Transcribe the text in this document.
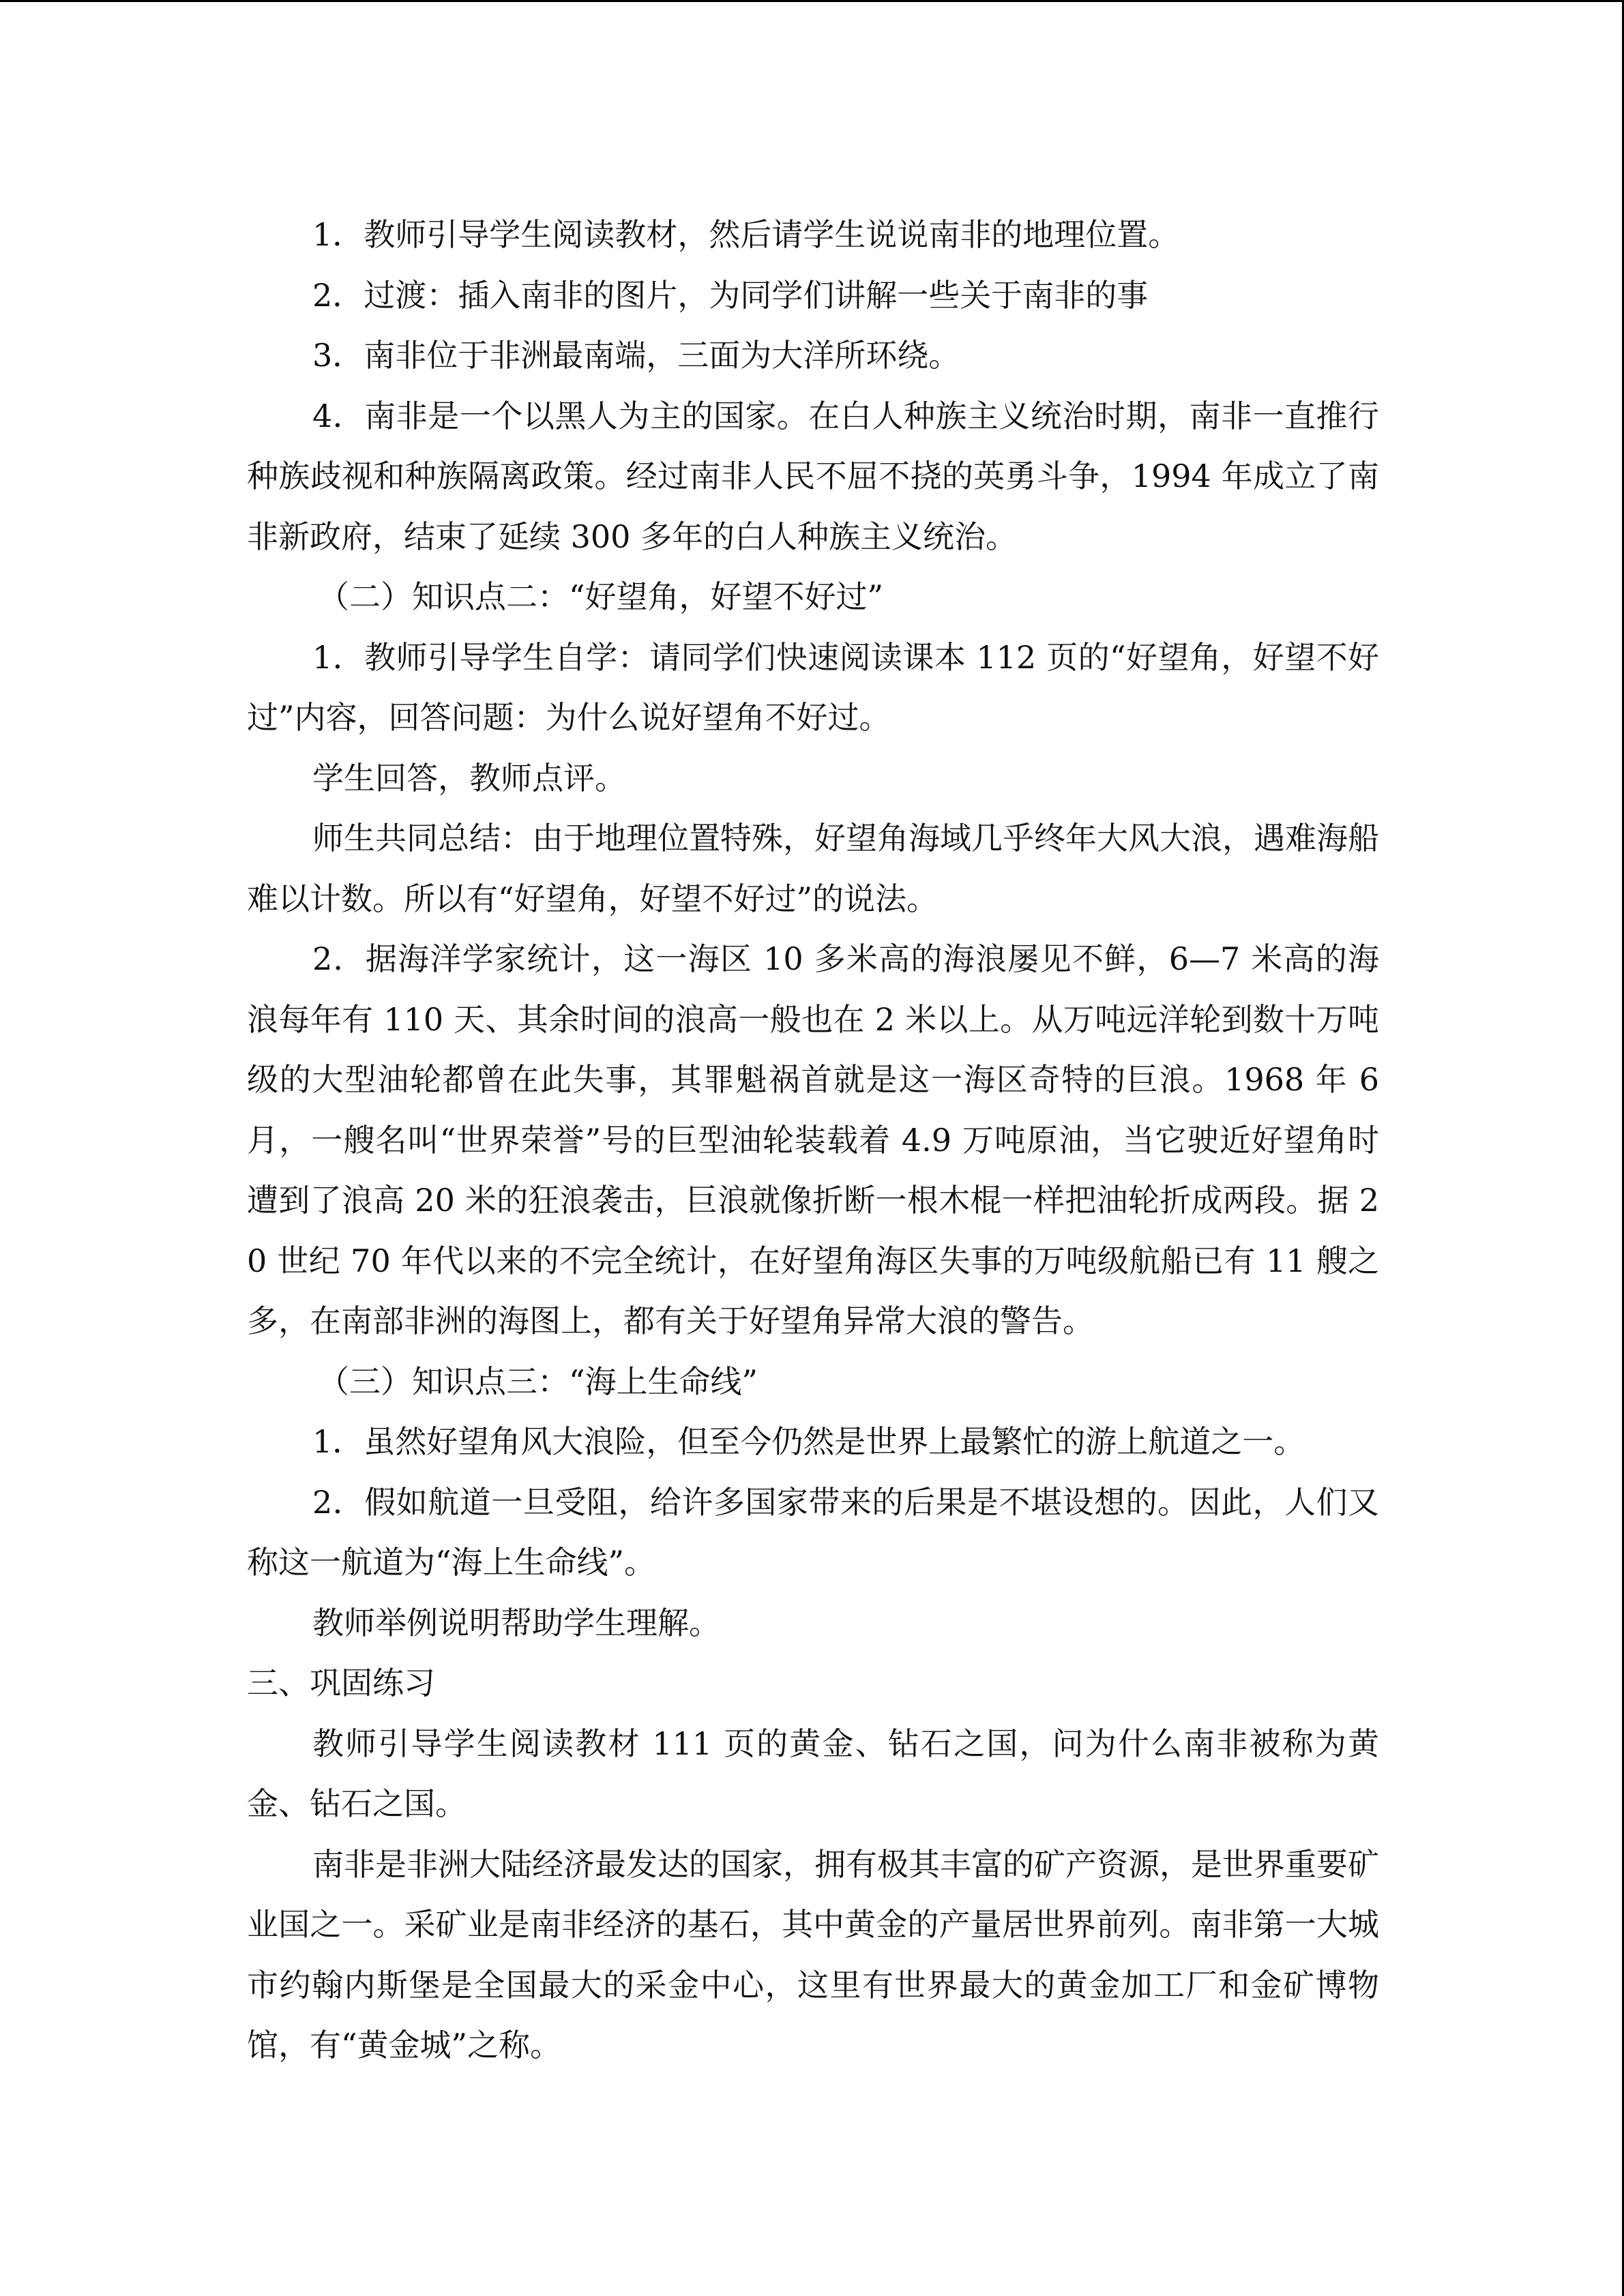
1．教师引导学生阅读教材，然后请学生说说南非的地理位置。

2．过渡：插入南非的图片，为同学们讲解一些关于南非的事

3．南非位于非洲最南端，三面为大洋所环绕。

4．南非是一个以黑人为主的国家。在白人种族主义统治时期，南非一直推行种族歧视和种族隔离政策。经过南非人民不屈不挠的英勇斗争，1994 年成立了南非新政府，结束了延续 300 多年的白人种族主义统治。

（二）知识点二：“好望角，好望不好过”

1．教师引导学生自学：请同学们快速阅读课本 112 页的“好望角，好望不好过”内容，回答问题：为什么说好望角不好过。

学生回答，教师点评。

师生共同总结：由于地理位置特殊，好望角海域几乎终年大风大浪，遇难海船难以计数。所以有“好望角，好望不好过”的说法。

2．据海洋学家统计，这一海区 10 多米高的海浪屡见不鲜，6—7 米高的海浪每年有 110 天、其余时间的浪高一般也在 2 米以上。从万吨远洋轮到数十万吨级的大型油轮都曾在此失事，其罪魁祸首就是这一海区奇特的巨浪。1968 年 6 月，一艘名叫“世界荣誉”号的巨型油轮装载着 4.9 万吨原油，当它驶近好望角时遭到了浪高 20 米的狂浪袭击，巨浪就像折断一根木棍一样把油轮折成两段。据 20 世纪 70 年代以来的不完全统计，在好望角海区失事的万吨级航船已有 11 艘之多，在南部非洲的海图上，都有关于好望角异常大浪的警告。

（三）知识点三：“海上生命线”

1．虽然好望角风大浪险，但至今仍然是世界上最繁忙的游上航道之一。

2．假如航道一旦受阻，给许多国家带来的后果是不堪设想的。因此，人们又称这一航道为“海上生命线”。

教师举例说明帮助学生理解。

三、巩固练习

教师引导学生阅读教材 111 页的黄金、钻石之国，问为什么南非被称为黄金、钻石之国。

南非是非洲大陆经济最发达的国家，拥有极其丰富的矿产资源，是世界重要矿业国之一。采矿业是南非经济的基石，其中黄金的产量居世界前列。南非第一大城市约翰内斯堡是全国最大的采金中心，这里有世界最大的黄金加工厂和金矿博物馆，有“黄金城”之称。
